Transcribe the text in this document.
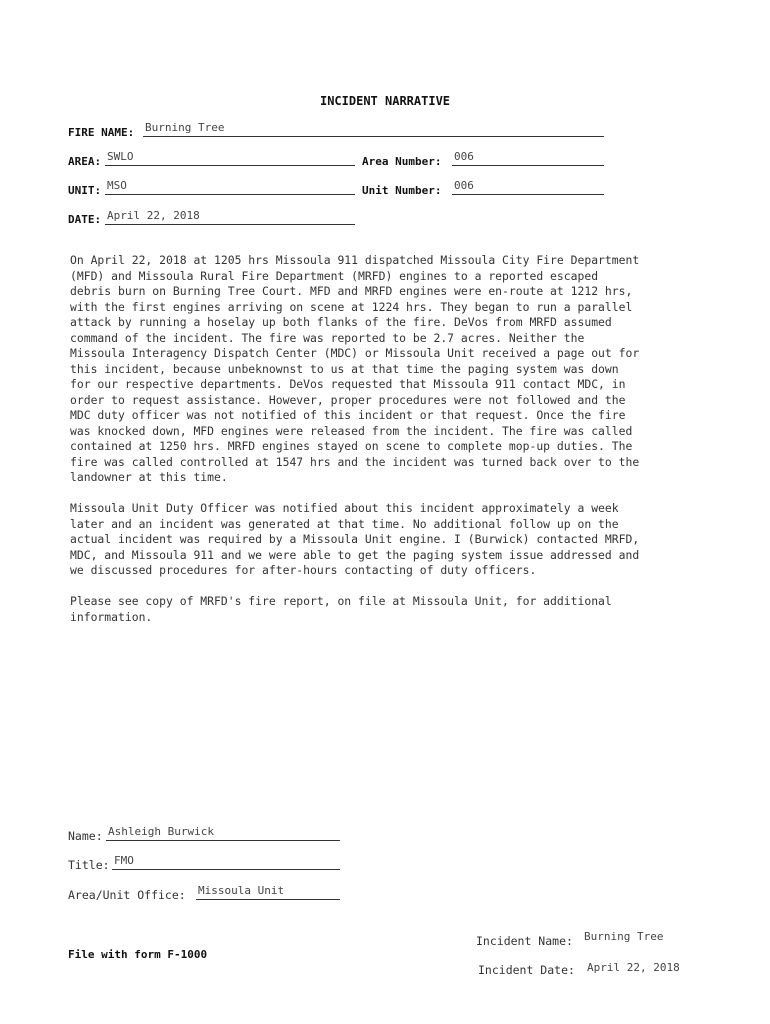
INCIDENT NARRATIVE
FIRE NAME: Burning Tree
AREA: SWLO	Area Number: 006
UNIT: MSO	Unit Number: 006
DATE: April 22, 2018

On April 22, 2018 at 1205 hrs Missoula 911 dispatched Missoula City Fire Department
(MFD) and Missoula Rural Fire Department (MRFD) engines to a reported escaped
debris burn on Burning Tree Court. MFD and MRFD engines were en-route at 1212 hrs,
with the first engines arriving on scene at 1224 hrs. They began to run a parallel
attack by running a hoselay up both flanks of the fire. DeVos from MRFD assumed
command of the incident. The fire was reported to be 2.7 acres. Neither the
Missoula Interagency Dispatch Center (MDC) or Missoula Unit received a page out for
this incident, because unbeknownst to us at that time the paging system was down
for our respective departments. DeVos requested that Missoula 911 contact MDC, in
order to request assistance. However, proper procedures were not followed and the
MDC duty officer was not notified of this incident or that request. Once the fire
was knocked down, MFD engines were released from the incident. The fire was called
contained at 1250 hrs. MRFD engines stayed on scene to complete mop-up duties. The
fire was called controlled at 1547 hrs and the incident was turned back over to the
landowner at this time.

Missoula Unit Duty Officer was notified about this incident approximately a week
later and an incident was generated at that time. No additional follow up on the
actual incident was required by a Missoula Unit engine. I (Burwick) contacted MRFD,
MDC, and Missoula 911 and we were able to get the paging system issue addressed and
we discussed procedures for after-hours contacting of duty officers.

Please see copy of MRFD's fire report, on file at Missoula Unit, for additional
information.

Name: Ashleigh Burwick
Title: FMO
Area/Unit Office: Missoula Unit
File with form F-1000
Incident Name: Burning Tree
Incident Date: April 22, 2018
